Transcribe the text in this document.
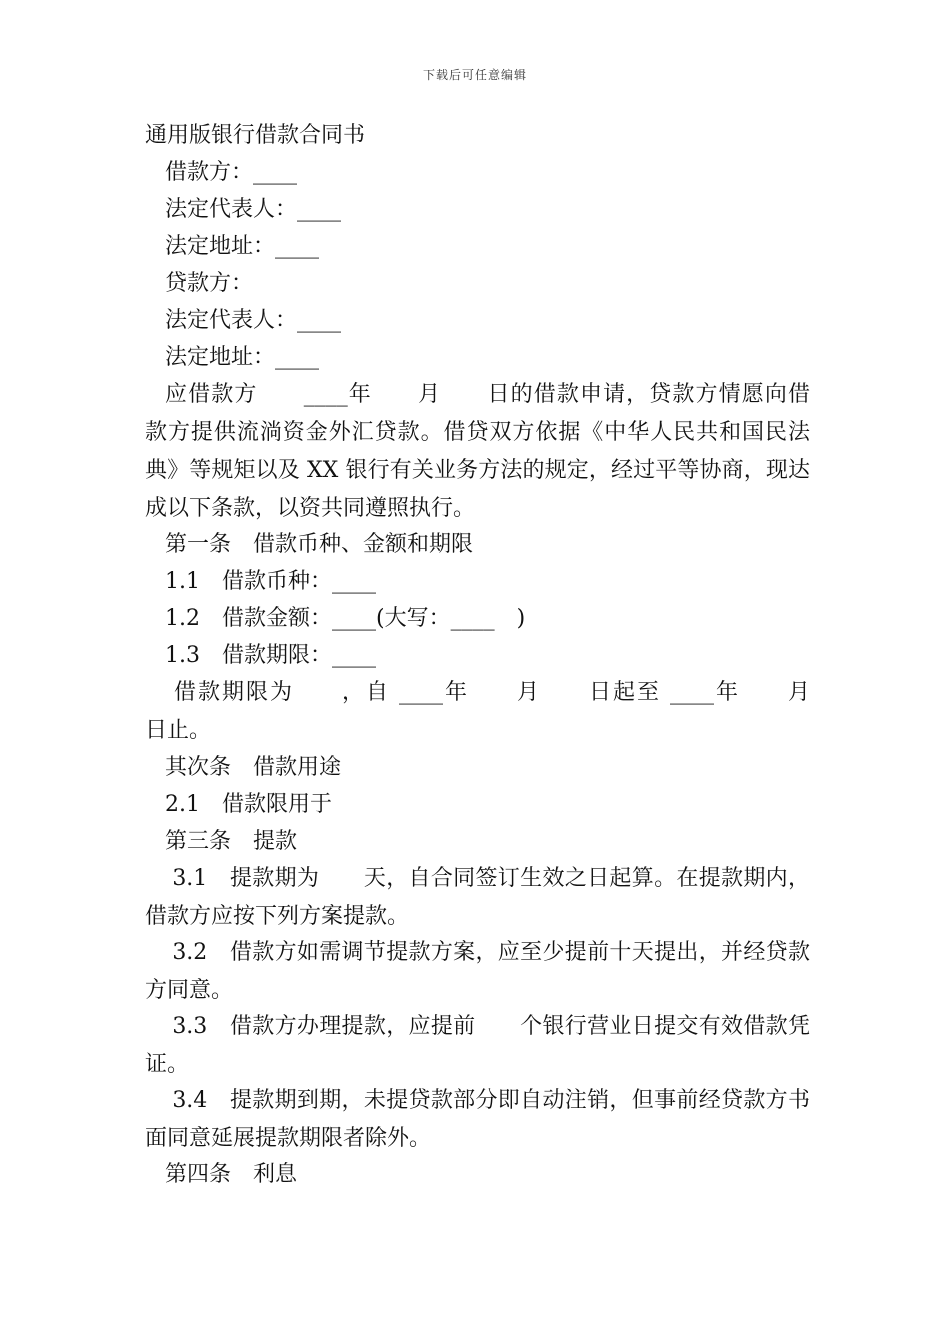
下载后可任意编辑
通用版银行借款合同书
借款方：____
法定代表人：____
法定地址：____
贷款方：
法定代表人：____
法定地址：____
应借款方　　____年　　月　　日的借款申请，贷款方情愿向借
款方提供流淌资金外汇贷款。借贷双方依据《中华人民共和国民法
典》等规矩以及 XX 银行有关业务方法的规定，经过平等协商，现达
成以下条款，以资共同遵照执行。
第一条　借款币种、金额和期限
1.1　借款币种：____
1.2　借款金额：____(大写：____　)
1.3　借款期限：____
借款期限为　　，自 ____年　　月　　日起至 ____年　　月
日止。
其次条　借款用途
2.1　借款限用于
第三条　提款
3.1　提款期为　　天，自合同签订生效之日起算。在提款期内，
借款方应按下列方案提款。
3.2　借款方如需调节提款方案，应至少提前十天提出，并经贷款
方同意。
3.3　借款方办理提款，应提前　　个银行营业日提交有效借款凭
证。
3.4　提款期到期，未提贷款部分即自动注销，但事前经贷款方书
面同意延展提款期限者除外。
第四条　利息
